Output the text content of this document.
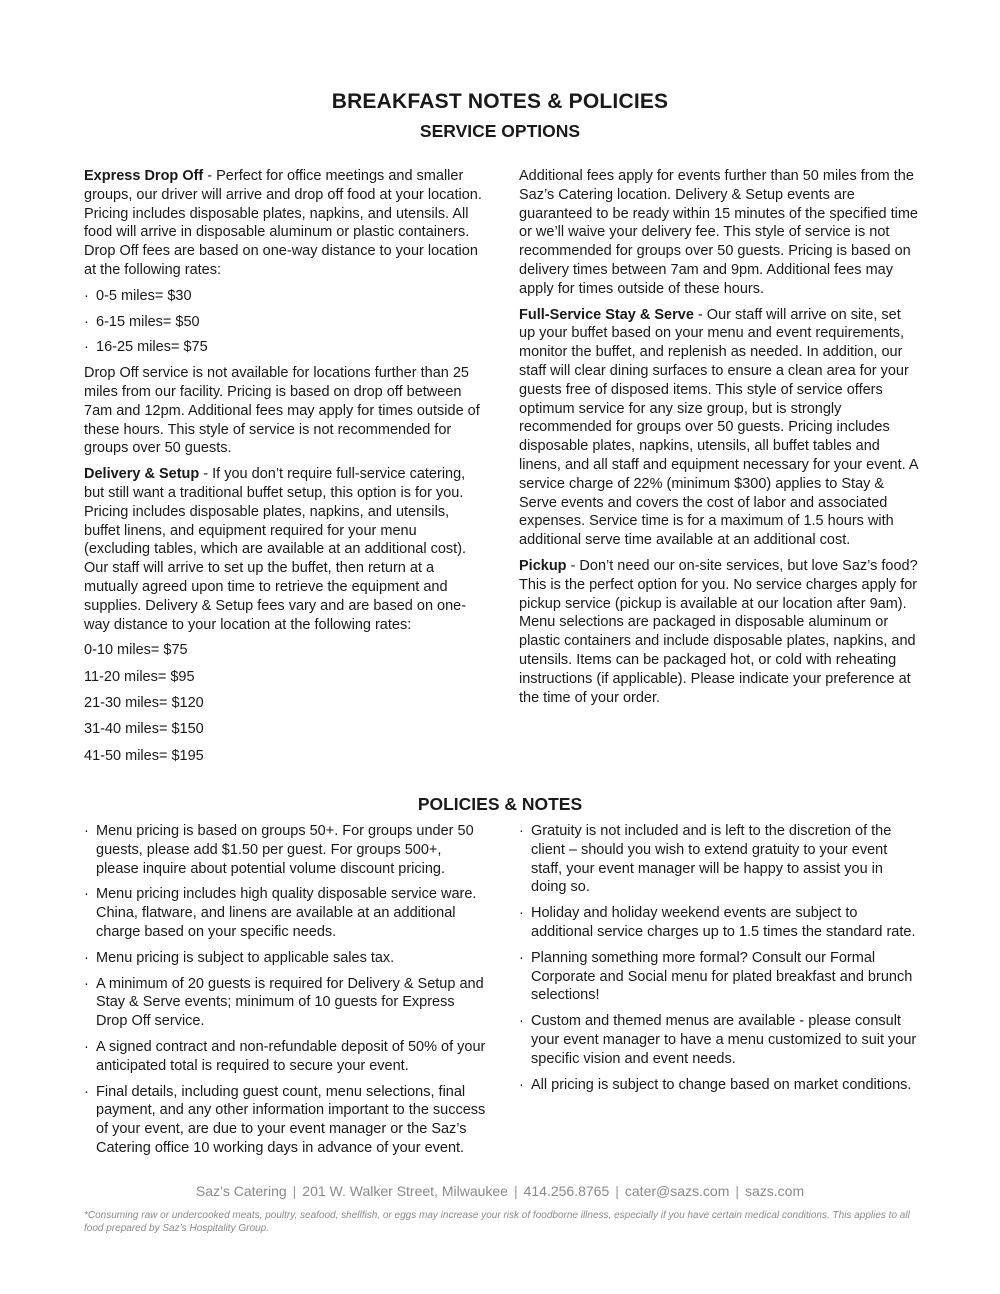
BREAKFAST NOTES & POLICIES
SERVICE OPTIONS

Express Drop Off - Perfect for office meetings and smaller groups, our driver will arrive and drop off food at your location. Pricing includes disposable plates, napkins, and utensils. All food will arrive in disposable aluminum or plastic containers. Drop Off fees are based on one-way distance to your location at the following rates:

· 0-5 miles= $30
· 6-15 miles= $50
· 16-25 miles= $75

Drop Off service is not available for locations further than 25 miles from our facility. Pricing is based on drop off between 7am and 12pm. Additional fees may apply for times outside of these hours. This style of service is not recommended for groups over 50 guests.

Delivery & Setup - If you don’t require full-service catering, but still want a traditional buffet setup, this option is for you. Pricing includes disposable plates, napkins, and utensils, buffet linens, and equipment required for your menu (excluding tables, which are available at an additional cost). Our staff will arrive to set up the buffet, then return at a mutually agreed upon time to retrieve the equipment and supplies. Delivery & Setup fees vary and are based on one-way distance to your location at the following rates:

0-10 miles= $75
11-20 miles= $95
21-30 miles= $120
31-40 miles= $150
41-50 miles= $195

Additional fees apply for events further than 50 miles from the Saz’s Catering location. Delivery & Setup events are guaranteed to be ready within 15 minutes of the specified time or we’ll waive your delivery fee. This style of service is not recommended for groups over 50 guests. Pricing is based on delivery times between 7am and 9pm. Additional fees may apply for times outside of these hours.

Full-Service Stay & Serve - Our staff will arrive on site, set up your buffet based on your menu and event requirements, monitor the buffet, and replenish as needed. In addition, our staff will clear dining surfaces to ensure a clean area for your guests free of disposed items. This style of service offers optimum service for any size group, but is strongly recommended for groups over 50 guests. Pricing includes disposable plates, napkins, utensils, all buffet tables and linens, and all staff and equipment necessary for your event. A service charge of 22% (minimum $300) applies to Stay & Serve events and covers the cost of labor and associated expenses. Service time is for a maximum of 1.5 hours with additional serve time available at an additional cost.

Pickup - Don’t need our on-site services, but love Saz’s food? This is the perfect option for you. No service charges apply for pickup service (pickup is available at our location after 9am). Menu selections are packaged in disposable aluminum or plastic containers and include disposable plates, napkins, and utensils. Items can be packaged hot, or cold with reheating instructions (if applicable). Please indicate your preference at the time of your order.

POLICIES & NOTES
· Menu pricing is based on groups 50+. For groups under 50 guests, please add $1.50 per guest. For groups 500+, please inquire about potential volume discount pricing.
· Menu pricing includes high quality disposable service ware. China, flatware, and linens are available at an additional charge based on your specific needs.
· Menu pricing is subject to applicable sales tax.
· A minimum of 20 guests is required for Delivery & Setup and Stay & Serve events; minimum of 10 guests for Express Drop Off service.
· A signed contract and non-refundable deposit of 50% of your anticipated total is required to secure your event.
· Final details, including guest count, menu selections, final payment, and any other information important to the success of your event, are due to your event manager or the Saz’s Catering office 10 working days in advance of your event.
· Gratuity is not included and is left to the discretion of the client – should you wish to extend gratuity to your event staff, your event manager will be happy to assist you in doing so.
· Holiday and holiday weekend events are subject to additional service charges up to 1.5 times the standard rate.
· Planning something more formal? Consult our Formal Corporate and Social menu for plated breakfast and brunch selections!
· Custom and themed menus are available - please consult your event manager to have a menu customized to suit your specific vision and event needs.
· All pricing is subject to change based on market conditions.
Saz’s Catering | 201 W. Walker Street, Milwaukee | 414.256.8765 | cater@sazs.com | sazs.com
*Consuming raw or undercooked meats, poultry, seafood, shellfish, or eggs may increase your risk of foodborne illness, especially if you have certain medical conditions. This applies to all food prepared by Saz’s Hospitality Group.
